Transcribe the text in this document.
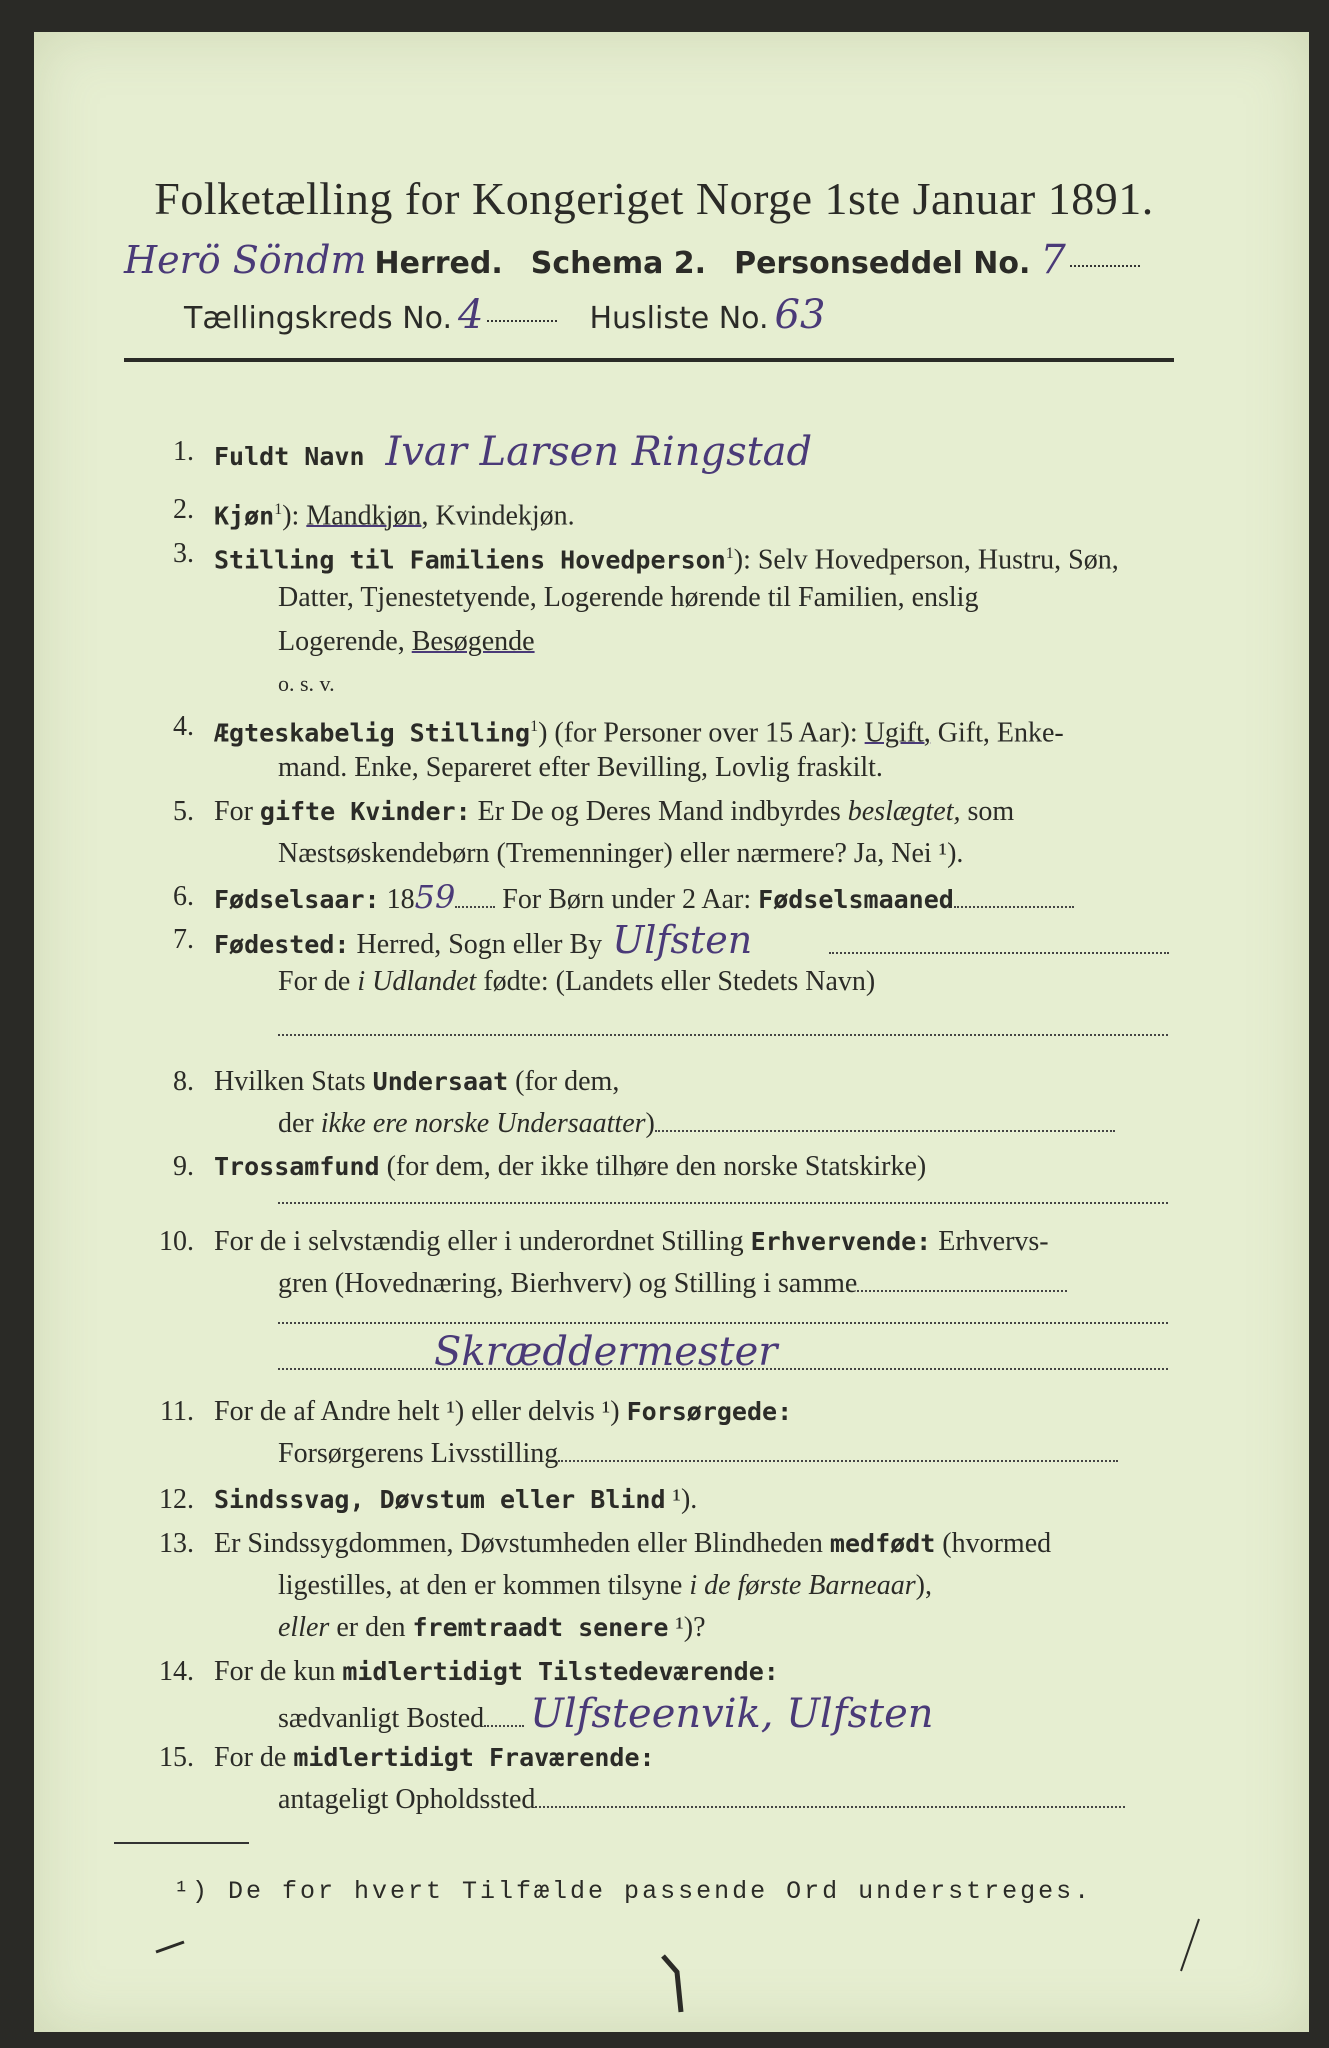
Folketælling for Kongeriget Norge 1ste Januar 1891.
Herö Söndm Herred. Schema 2. Personseddel No. 7
Tællingskreds No. 4	Husliste No. 63
1. Fuldt Navn Ivar Larsen Ringstad
2. Kjøn$^1$): Mandkjøn, Kvindekjøn.
3. Stilling til Familiens Hovedperson$^1$): Selv Hovedperson, Hustru, Søn,
Datter, Tjenestetyende, Logerende hørende til Familien, enslig
Logerende, Besøgende
o. s. v.
4. Ægteskabelig Stilling$^1$) (for Personer over 15 Aar): Ugift, Gift, Enke-
mand. Enke, Separeret efter Bevilling, Lovlig fraskilt.
5. For gifte Kvinder: Er De og Deres Mand indbyrdes beslægtet, som
Næstsøskendebørn (Tremenninger) eller nærmere? Ja, Nei ¹).
6. Fødselsaar: 1859 For Børn under 2 Aar: Fødselsmaaned
7. Fødested: Herred, Sogn eller By Ulfsten
For de i Udlandet fødte: (Landets eller Stedets Navn)
8. Hvilken Stats Undersaat (for dem,
der ikke ere norske Undersaatter)
9. Trossamfund (for dem, der ikke tilhøre den norske Statskirke)
10. For de i selvstændig eller i underordnet Stilling Erhvervende: Erhvervs-
gren (Hovednæring, Bierhverv) og Stilling i samme
Skræddermester
11. For de af Andre helt ¹) eller delvis ¹) Forsørgede:
Forsørgerens Livsstilling
12. Sindssvag, Døvstum eller Blind ¹).
13. Er Sindssygdommen, Døvstumheden eller Blindheden medfødt (hvormed
ligestilles, at den er kommen tilsyne i de første Barneaar),
eller er den fremtraadt senere ¹)?
14. For de kun midlertidigt Tilstedeværende:
sædvanligt Bosted Ulfsteenvik, Ulfsten
15. For de midlertidigt Fraværende:
antageligt Opholdssted
¹) De for hvert Tilfælde passende Ord understreges.
